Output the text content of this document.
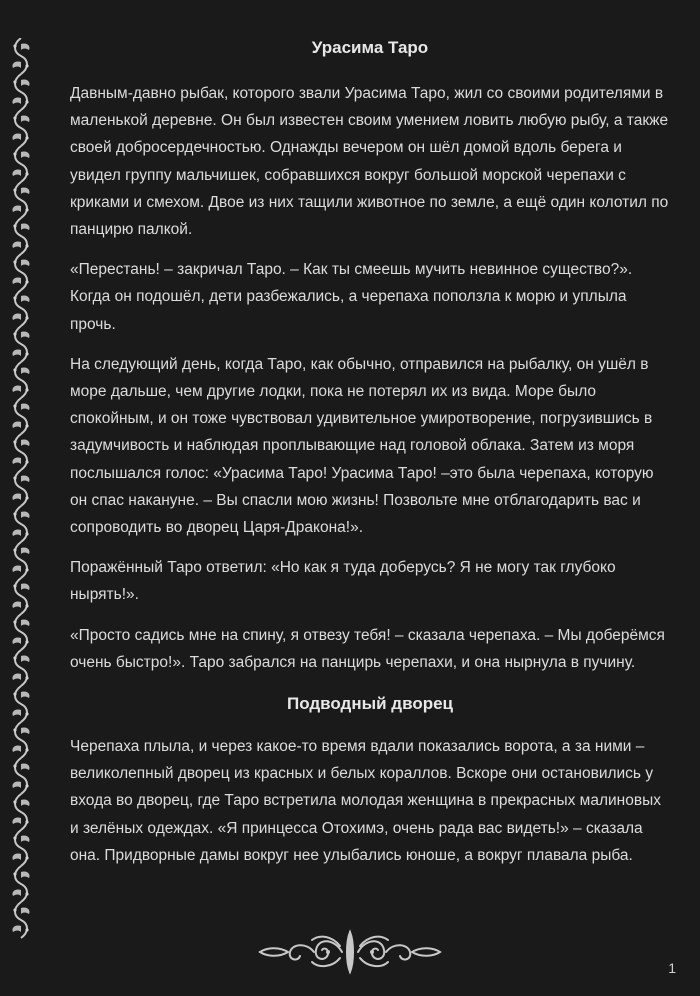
Урасима Таро

Давным-давно рыбак, которого звали Урасима Таро, жил со своими родителями в маленькой деревне. Он был известен своим умением ловить любую рыбу, а также своей добросердечностью. Однажды вечером он шёл домой вдоль берега и увидел группу мальчишек, собравшихся вокруг большой морской черепахи с криками и смехом. Двое из них тащили животное по земле, а ещё один колотил по панцирю палкой.

«Перестань! – закричал Таро. – Как ты смеешь мучить невинное существо?». Когда он подошёл, дети разбежались, а черепаха поползла к морю и уплыла прочь.

На следующий день, когда Таро, как обычно, отправился на рыбалку, он ушёл в море дальше, чем другие лодки, пока не потерял их из вида. Море было спокойным, и он тоже чувствовал удивительное умиротворение, погрузившись в задумчивость и наблюдая проплывающие над головой облака. Затем из моря послышался голос: «Урасима Таро! Урасима Таро! –это была черепаха, которую он спас накануне. – Вы спасли мою жизнь! Позвольте мне отблагодарить вас и сопроводить во дворец Царя-Дракона!».

Поражённый Таро ответил: «Но как я туда доберусь? Я не могу так глубоко нырять!».

«Просто садись мне на спину, я отвезу тебя! – сказала черепаха. – Мы доберёмся очень быстро!». Таро забрался на панцирь черепахи, и она нырнула в пучину.

Подводный дворец

Черепаха плыла, и через какое-то время вдали показались ворота, а за ними – великолепный дворец из красных и белых кораллов. Вскоре они остановились у входа во дворец, где Таро встретила молодая женщина в прекрасных малиновых и зелёных одеждах. «Я принцесса Отохимэ, очень рада вас видеть!» – сказала она. Придворные дамы вокруг нее улыбались юноше, а вокруг плавала рыба.

1
